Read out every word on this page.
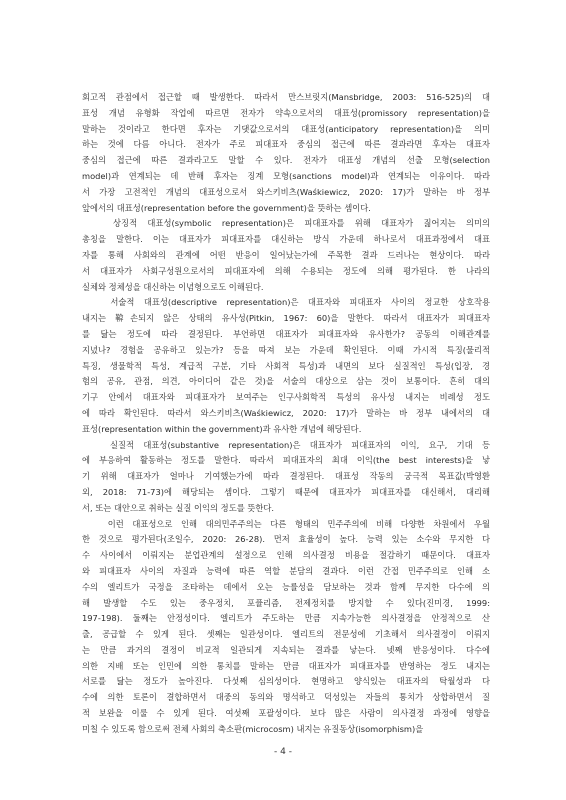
회고적 관점에서 접근할 때 발생한다. 따라서 만스브릿지(Mansbridge, 2003: 516-525)의 대

표성 개념 유형화 작업에 따르면 전자가 약속으로서의 대표성(promissory representation)을

말하는 것이라고 한다면 후자는 기댓값으로서의 대표성(anticipatory representation)을 의미

하는 것에 다름 아니다. 전자가 주로 피대표자 중심의 접근에 따른 결과라면 후자는 대표자

중심의 접근에 따른 결과라고도 말할 수 있다. 전자가 대표성 개념의 선출 모형(selection

model)과 연계되는 데 반해 후자는 징계 모형(sanctions model)과 연계되는 이유이다. 따라

서 가장 고전적인 개념의 대표성으로서 와스키비츠(Waśkiewicz, 2020: 17)가 말하는 바 정부

앞에서의 대표성(representation before the government)을 뜻하는 셈이다.

상징적 대표성(symbolic representation)은 피대표자를 위해 대표자가 짊어지는 의미의

총칭을 말한다. 이는 대표자가 피대표자를 대신하는 방식 가운데 하나로서 대표과정에서 대표

자를 통해 사회와의 관계에 어떤 반응이 일어났는가에 주목한 결과 드러나는 현상이다. 따라

서 대표자가 사회구성원으로서의 피대표자에 의해 수용되는 정도에 의해 평가된다. 한 나라의

실체와 정체성을 대신하는 이념형으로도 이해된다.

서술적 대표성(descriptive representation)은 대표자와 피대표자 사이의 정교한 상호작용

내지는 鞥손되지 않은 상태의 유사성(Pitkin, 1967: 60)을 말한다. 따라서 대표자가 피대표자

를 닮는 정도에 따라 결정된다. 부언하면 대표자가 피대표자와 유사한가? 공동의 이해관계를

지녔나? 경험을 공유하고 있는가? 등을 따져 보는 가운데 확인된다. 이때 가시적 특징(물리적

특징, 생물학적 특성, 계급적 구분, 기타 사회적 특성)과 내면의 보다 실질적인 특성(입장, 경

험의 공유, 관점, 의견, 아이디어 같은 것)을 서술의 대상으로 삼는 것이 보통이다. 흔히 대의

기구 안에서 대표자와 피대표자가 보여주는 인구사회학적 특성의 유사성 내지는 비례성 정도

에 따라 확인된다. 따라서 와스키비츠(Waśkiewicz, 2020: 17)가 말하는 바 정부 내에서의 대

표성(representation within the government)과 유사한 개념에 해당된다.

실질적 대표성(substantive representation)은 대표자가 피대표자의 이익, 요구, 기대 등

에 부응하여 활동하는 정도를 말한다. 따라서 피대표자의 최대 이익(the best interests)을 낳

기 위해 대표자가 얼마나 기여했는가에 따라 결정된다. 대표성 작동의 궁극적 목표값(박영환

외, 2018: 71-73)에 해당되는 셈이다. 그렇기 때문에 대표자가 피대표자를 대신해서, 대리해

서, 또는 대안으로 취하는 실질 이익의 정도를 뜻한다.

이런 대표성으로 인해 대의민주주의는 다른 형태의 민주주의에 비해 다양한 차원에서 우월

한 것으로 평가된다(조일수, 2020: 26-28). 먼저 효율성이 높다. 능력 있는 소수와 무지한 다

수 사이에서 이뤄지는 분업관계의 설정으로 인해 의사결정 비용을 절감하기 때문이다. 대표자

와 피대표자 사이의 자질과 능력에 따른 역할 분담의 결과다. 이런 간접 민주주의로 인해 소

수의 엘리트가 국정을 조타하는 데에서 오는 능률성을 담보하는 것과 함께 무지한 다수에 의

해 발생할 수도 있는 중우정치, 포퓰리즘, 전제정치를 방지할 수 있다(진미경, 1999:

197-198). 둘째는 안정성이다. 엘리트가 주도하는 만큼 지속가능한 의사결정을 안정적으로 산

출, 공급할 수 있게 된다. 셋째는 일관성이다. 엘리트의 전문성에 기초해서 의사결정이 이뤄지

는 만큼 과거의 결정이 비교적 일관되게 지속되는 결과를 낳는다. 넷째 반응성이다. 다수에

의한 지배 또는 인민에 의한 통치를 말하는 만큼 대표자가 피대표자를 반영하는 정도 내지는

서로를 닮는 정도가 높아진다. 다섯째 심의성이다. 현명하고 양식있는 대표자의 탁월성과 다

수에 의한 토론이 결합하면서 대중의 동의와 명석하고 덕성있는 자들의 통치가 상합하면서 질

적 보완을 이룰 수 있게 된다. 여섯째 포괄성이다. 보다 많은 사람이 의사결정 과정에 영향을

미칠 수 있도록 함으로써 전체 사회의 축소판(microcosm) 내지는 유질동상(isomorphism)을

- 4 -
